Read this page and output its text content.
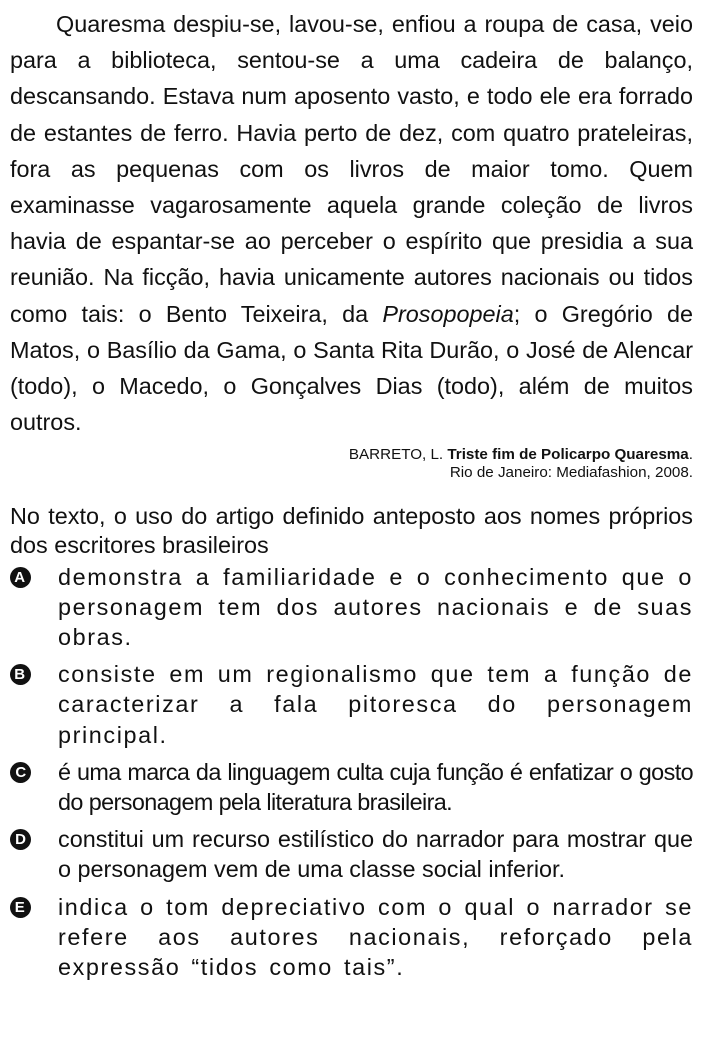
Quaresma despiu-se, lavou-se, enfiou a roupa de casa, veio para a biblioteca, sentou-se a uma cadeira de balanço, descansando. Estava num aposento vasto, e todo ele era forrado de estantes de ferro. Havia perto de dez, com quatro prateleiras, fora as pequenas com os livros de maior tomo. Quem examinasse vagarosamente aquela grande coleção de livros havia de espantar-se ao perceber o espírito que presidia a sua reunião. Na ficção, havia unicamente autores nacionais ou tidos como tais: o Bento Teixeira, da Prosopopeia; o Gregório de Matos, o Basílio da Gama, o Santa Rita Durão, o José de Alencar (todo), o Macedo, o Gonçalves Dias (todo), além de muitos outros.

BARRETO, L. Triste fim de Policarpo Quaresma.
Rio de Janeiro: Mediafashion, 2008.
No texto, o uso do artigo definido anteposto aos nomes próprios dos escritores brasileiros
A demonstra a familiaridade e o conhecimento que o personagem tem dos autores nacionais e de suas obras.
B consiste em um regionalismo que tem a função de caracterizar a fala pitoresca do personagem principal.
C é uma marca da linguagem culta cuja função é enfatizar o gosto do personagem pela literatura brasileira.
D constitui um recurso estilístico do narrador para mostrar que o personagem vem de uma classe social inferior.
E indica o tom depreciativo com o qual o narrador se refere aos autores nacionais, reforçado pela expressão “tidos como tais”.
